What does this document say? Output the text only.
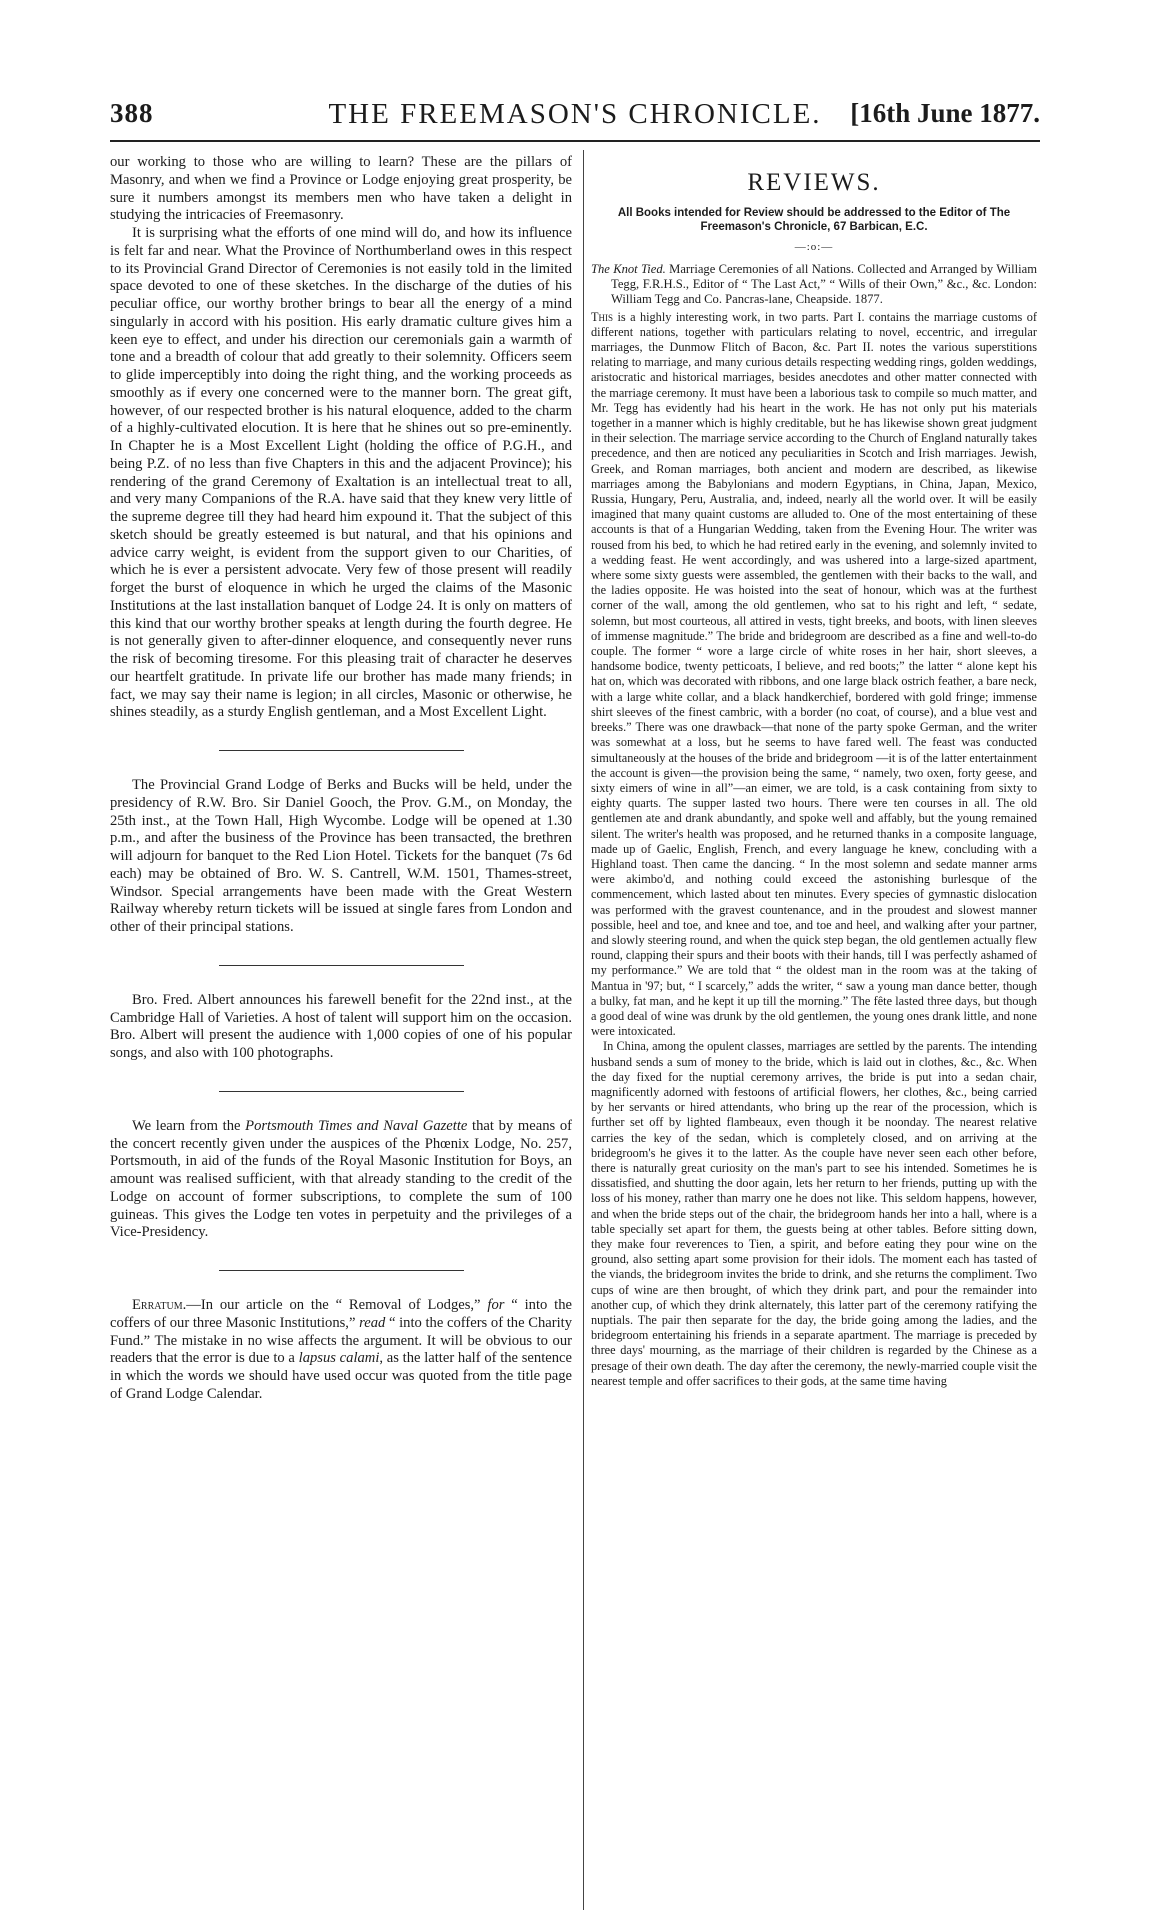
388	THE FREEMASON'S CHRONICLE.	[16th June 1877.

our working to those who are willing to learn? These are the pillars of Masonry, and when we find a Province or Lodge enjoying great prosperity, be sure it numbers amongst its members men who have taken a delight in studying the intricacies of Freemasonry.

It is surprising what the efforts of one mind will do, and how its influence is felt far and near. What the Province of Northumberland owes in this respect to its Provincial Grand Director of Ceremonies is not easily told in the limited space devoted to one of these sketches. In the discharge of the duties of his peculiar office, our worthy brother brings to bear all the energy of a mind singularly in accord with his position. His early dramatic culture gives him a keen eye to effect, and under his direction our ceremonials gain a warmth of tone and a breadth of colour that add greatly to their solemnity. Officers seem to glide imperceptibly into doing the right thing, and the working proceeds as smoothly as if every one concerned were to the manner born. The great gift, however, of our respected brother is his natural eloquence, added to the charm of a highly-cultivated elocution. It is here that he shines out so pre-eminently. In Chapter he is a Most Excellent Light (holding the office of P.G.H., and being P.Z. of no less than five Chapters in this and the adjacent Province); his rendering of the grand Ceremony of Exaltation is an intellectual treat to all, and very many Companions of the R.A. have said that they knew very little of the supreme degree till they had heard him expound it. That the subject of this sketch should be greatly esteemed is but natural, and that his opinions and advice carry weight, is evident from the support given to our Charities, of which he is ever a persistent advocate. Very few of those present will readily forget the burst of eloquence in which he urged the claims of the Masonic Institutions at the last installation banquet of Lodge 24. It is only on matters of this kind that our worthy brother speaks at length during the fourth degree. He is not generally given to after-dinner eloquence, and consequently never runs the risk of becoming tiresome. For this pleasing trait of character he deserves our heartfelt gratitude. In private life our brother has made many friends; in fact, we may say their name is legion; in all circles, Masonic or otherwise, he shines steadily, as a sturdy English gentleman, and a Most Excellent Light.

The Provincial Grand Lodge of Berks and Bucks will be held, under the presidency of R.W. Bro. Sir Daniel Gooch, the Prov. G.M., on Monday, the 25th inst., at the Town Hall, High Wycombe. Lodge will be opened at 1.30 p.m., and after the business of the Province has been transacted, the brethren will adjourn for banquet to the Red Lion Hotel. Tickets for the banquet (7s 6d each) may be obtained of Bro. W. S. Cantrell, W.M. 1501, Thames-street, Windsor. Special arrangements have been made with the Great Western Railway whereby return tickets will be issued at single fares from London and other of their principal stations.

Bro. Fred. Albert announces his farewell benefit for the 22nd inst., at the Cambridge Hall of Varieties. A host of talent will support him on the occasion. Bro. Albert will present the audience with 1,000 copies of one of his popular songs, and also with 100 photographs.

We learn from the Portsmouth Times and Naval Gazette that by means of the concert recently given under the auspices of the Phœnix Lodge, No. 257, Portsmouth, in aid of the funds of the Royal Masonic Institution for Boys, an amount was realised sufficient, with that already standing to the credit of the Lodge on account of former subscriptions, to complete the sum of 100 guineas. This gives the Lodge ten votes in perpetuity and the privileges of a Vice-Presidency.

Erratum.—In our article on the “ Removal of Lodges,” for “ into the coffers of our three Masonic Institutions,” read “ into the coffers of the Charity Fund.” The mistake in no wise affects the argument. It will be obvious to our readers that the error is due to a lapsus calami, as the latter half of the sentence in which the words we should have used occur was quoted from the title page of Grand Lodge Calendar.

REVIEWS.
All Books intended for Review should be addressed to the Editor of The Freemason's Chronicle, 67 Barbican, E.C.
—:o:—

The Knot Tied. Marriage Ceremonies of all Nations. Collected and Arranged by William Tegg, F.R.H.S., Editor of “ The Last Act,” “ Wills of their Own,” &c., &c. London: William Tegg and Co. Pancras-lane, Cheapside. 1877.

This is a highly interesting work, in two parts. Part I. contains the marriage customs of different nations, together with particulars relating to novel, eccentric, and irregular marriages, the Dunmow Flitch of Bacon, &c. Part II. notes the various superstitions relating to marriage, and many curious details respecting wedding rings, golden weddings, aristocratic and historical marriages, besides anecdotes and other matter connected with the marriage ceremony. It must have been a laborious task to compile so much matter, and Mr. Tegg has evidently had his heart in the work. He has not only put his materials together in a manner which is highly creditable, but he has likewise shown great judgment in their selection. The marriage service according to the Church of England naturally takes precedence, and then are noticed any peculiarities in Scotch and Irish marriages. Jewish, Greek, and Roman marriages, both ancient and modern are described, as likewise marriages among the Babylonians and modern Egyptians, in China, Japan, Mexico, Russia, Hungary, Peru, Australia, and, indeed, nearly all the world over. It will be easily imagined that many quaint customs are alluded to. One of the most entertaining of these accounts is that of a Hungarian Wedding, taken from the Evening Hour. The writer was roused from his bed, to which he had retired early in the evening, and solemnly invited to a wedding feast. He went accordingly, and was ushered into a large-sized apartment, where some sixty guests were assembled, the gentlemen with their backs to the wall, and the ladies opposite. He was hoisted into the seat of honour, which was at the furthest corner of the wall, among the old gentlemen, who sat to his right and left, “ sedate, solemn, but most courteous, all attired in vests, tight breeks, and boots, with linen sleeves of immense magnitude.” The bride and bridegroom are described as a fine and well-to-do couple. The former “ wore a large circle of white roses in her hair, short sleeves, a handsome bodice, twenty petticoats, I believe, and red boots;” the latter “ alone kept his hat on, which was decorated with ribbons, and one large black ostrich feather, a bare neck, with a large white collar, and a black handkerchief, bordered with gold fringe; immense shirt sleeves of the finest cambric, with a border (no coat, of course), and a blue vest and breeks.” There was one drawback—that none of the party spoke German, and the writer was somewhat at a loss, but he seems to have fared well. The feast was conducted simultaneously at the houses of the bride and bridegroom —it is of the latter entertainment the account is given—the provision being the same, “ namely, two oxen, forty geese, and sixty eimers of wine in all”—an eimer, we are told, is a cask containing from sixty to eighty quarts. The supper lasted two hours. There were ten courses in all. The old gentlemen ate and drank abundantly, and spoke well and affably, but the young remained silent. The writer's health was proposed, and he returned thanks in a composite language, made up of Gaelic, English, French, and every language he knew, concluding with a Highland toast. Then came the dancing. “ In the most solemn and sedate manner arms were akimbo'd, and nothing could exceed the astonishing burlesque of the commencement, which lasted about ten minutes. Every species of gymnastic dislocation was performed with the gravest countenance, and in the proudest and slowest manner possible, heel and toe, and knee and toe, and toe and heel, and walking after your partner, and slowly steering round, and when the quick step began, the old gentlemen actually flew round, clapping their spurs and their boots with their hands, till I was perfectly ashamed of my performance.” We are told that “ the oldest man in the room was at the taking of Mantua in '97; but, “ I scarcely,” adds the writer, “ saw a young man dance better, though a bulky, fat man, and he kept it up till the morning.” The fête lasted three days, but though a good deal of wine was drunk by the old gentlemen, the young ones drank little, and none were intoxicated.

In China, among the opulent classes, marriages are settled by the parents. The intending husband sends a sum of money to the bride, which is laid out in clothes, &c., &c. When the day fixed for the nuptial ceremony arrives, the bride is put into a sedan chair, magnificently adorned with festoons of artificial flowers, her clothes, &c., being carried by her servants or hired attendants, who bring up the rear of the procession, which is further set off by lighted flambeaux, even though it be noonday. The nearest relative carries the key of the sedan, which is completely closed, and on arriving at the bridegroom's he gives it to the latter. As the couple have never seen each other before, there is naturally great curiosity on the man's part to see his intended. Sometimes he is dissatisfied, and shutting the door again, lets her return to her friends, putting up with the loss of his money, rather than marry one he does not like. This seldom happens, however, and when the bride steps out of the chair, the bridegroom hands her into a hall, where is a table specially set apart for them, the guests being at other tables. Before sitting down, they make four reverences to Tien, a spirit, and before eating they pour wine on the ground, also setting apart some provision for their idols. The moment each has tasted of the viands, the bridegroom invites the bride to drink, and she returns the compliment. Two cups of wine are then brought, of which they drink part, and pour the remainder into another cup, of which they drink alternately, this latter part of the ceremony ratifying the nuptials. The pair then separate for the day, the bride going among the ladies, and the bridegroom entertaining his friends in a separate apartment. The marriage is preceded by three days' mourning, as the marriage of their children is regarded by the Chinese as a presage of their own death. The day after the ceremony, the newly-married couple visit the nearest temple and offer sacrifices to their gods, at the same time having
